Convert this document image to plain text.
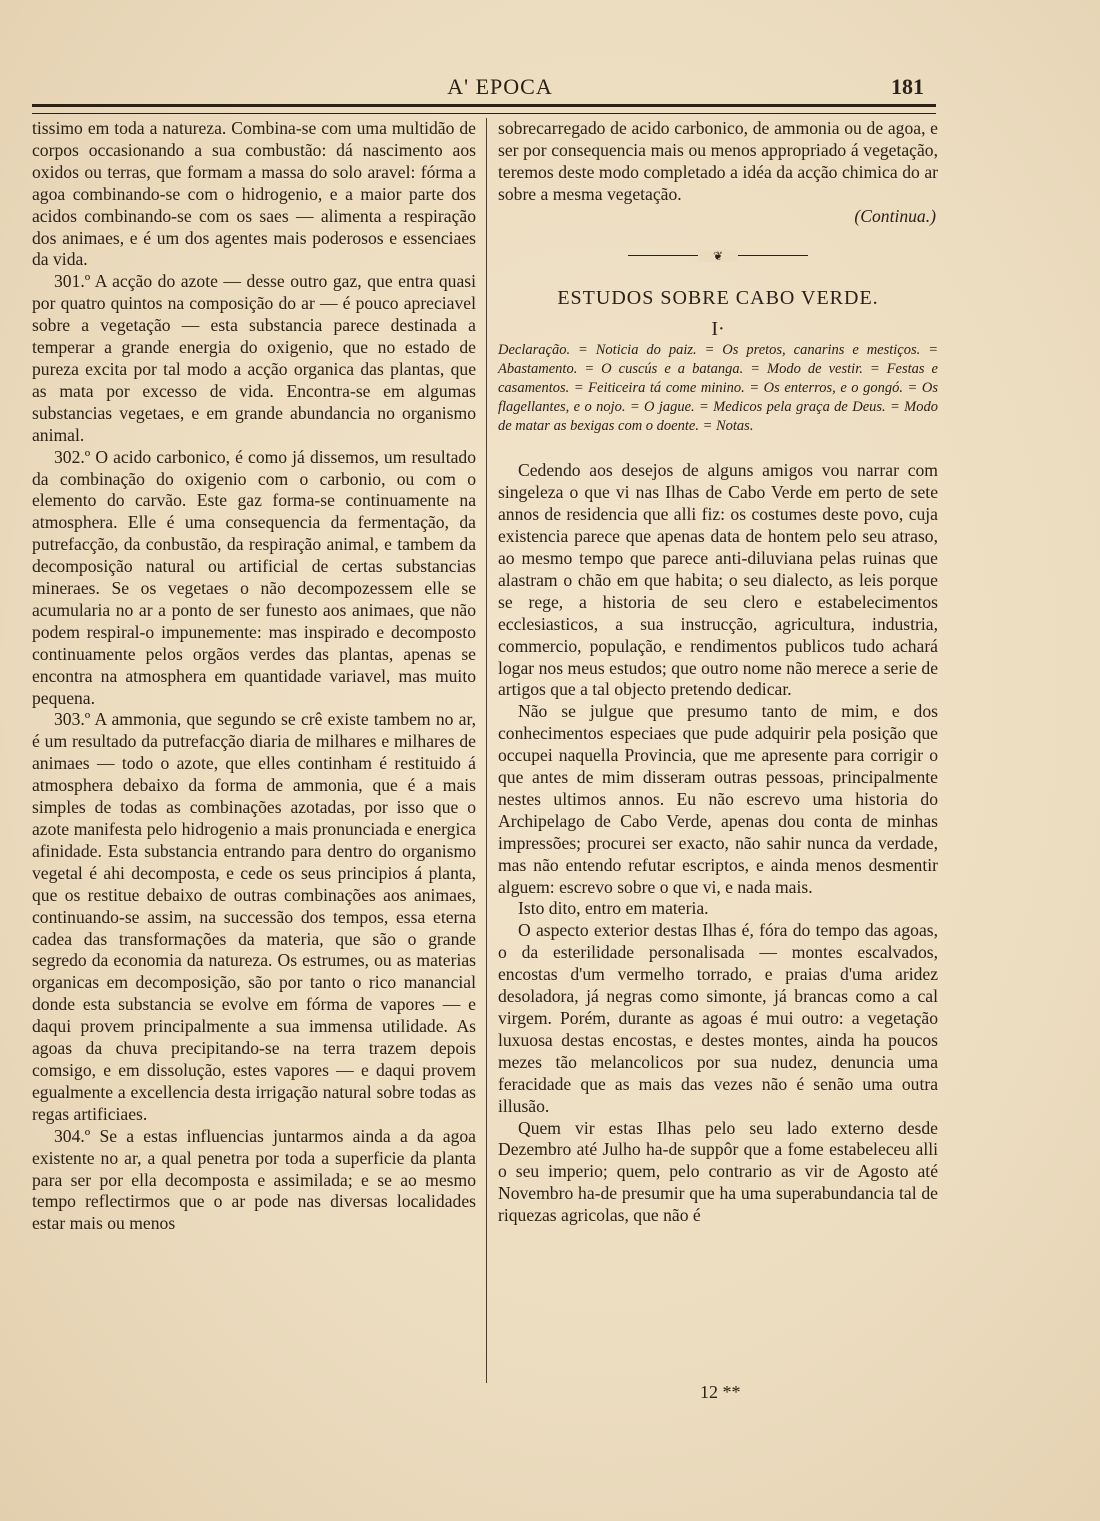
A' EPOCA	181

tissimo em toda a natureza. Combina-se com uma multidão de corpos occasionando a sua combustão: dá nascimento aos oxidos ou terras, que formam a massa do solo aravel: fórma a agoa combinando-se com o hidrogenio, e a maior parte dos acidos combinando-se com os saes — alimenta a respiração dos animaes, e é um dos agentes mais poderosos e essenciaes da vida.

301.º A acção do azote — desse outro gaz, que entra quasi por quatro quintos na composição do ar — é pouco apreciavel sobre a vegetação — esta substancia parece destinada a temperar a grande energia do oxigenio, que no estado de pureza excita por tal modo a acção organica das plantas, que as mata por excesso de vida. Encontra-se em algumas substancias vegetaes, e em grande abundancia no organismo animal.

302.º O acido carbonico, é como já dissemos, um resultado da combinação do oxigenio com o carbonio, ou com o elemento do carvão. Este gaz forma-se continuamente na atmosphera. Elle é uma consequencia da fermentação, da putrefacção, da conbustão, da respiração animal, e tambem da decomposição natural ou artificial de certas substancias mineraes. Se os vegetaes o não decompozessem elle se acumularia no ar a ponto de ser funesto aos animaes, que não podem respiral-o impunemente: mas inspirado e decomposto continuamente pelos orgãos verdes das plantas, apenas se encontra na atmosphera em quantidade variavel, mas muito pequena.

303.º A ammonia, que segundo se crê existe tambem no ar, é um resultado da putrefacção diaria de milhares e milhares de animaes — todo o azote, que elles continham é restituido á atmosphera debaixo da forma de ammonia, que é a mais simples de todas as combinações azotadas, por isso que o azote manifesta pelo hidrogenio a mais pronunciada e energica afinidade. Esta substancia entrando para dentro do organismo vegetal é ahi decomposta, e cede os seus principios á planta, que os restitue debaixo de outras combinações aos animaes, continuando-se assim, na successão dos tempos, essa eterna cadea das transformações da materia, que são o grande segredo da economia da natureza. Os estrumes, ou as materias organicas em decomposição, são por tanto o rico manancial donde esta substancia se evolve em fórma de vapores — e daqui provem principalmente a sua immensa utilidade. As agoas da chuva precipitando-se na terra trazem depois comsigo, e em dissolução, estes vapores — e daqui provem egualmente a excellencia desta irrigação natural sobre todas as regas artificiaes.

304.º Se a estas influencias juntarmos ainda a da agoa existente no ar, a qual penetra por toda a superficie da planta para ser por ella decomposta e assimilada; e se ao mesmo tempo reflectirmos que o ar pode nas diversas localidades estar mais ou menos

sobrecarregado de acido carbonico, de ammonia ou de agoa, e ser por consequencia mais ou menos appropriado á vegetação, teremos deste modo completado a idéa da acção chimica do ar sobre a mesma vegetação.

(Continua.)

❦
ESTUDOS SOBRE CABO VERDE.
I·

Declaração. = Noticia do paiz. = Os pretos, canarins e mestiços. = Abastamento. = O cuscús e a batanga. = Modo de vestir. = Festas e casamentos. = Feiticeira tá come minino. = Os enterros, e o gongó. = Os flagellantes, e o nojo. = O jague. = Medicos pela graça de Deus. = Modo de matar as bexigas com o doente. = Notas.

Cedendo aos desejos de alguns amigos vou narrar com singeleza o que vi nas Ilhas de Cabo Verde em perto de sete annos de residencia que alli fiz: os costumes deste povo, cuja existencia parece que apenas data de hontem pelo seu atraso, ao mesmo tempo que parece anti-diluviana pelas ruinas que alastram o chão em que habita; o seu dialecto, as leis porque se rege, a historia de seu clero e estabelecimentos ecclesiasticos, a sua instrucção, agricultura, industria, commercio, população, e rendimentos publicos tudo achará logar nos meus estudos; que outro nome não merece a serie de artigos que a tal objecto pretendo dedicar.

Não se julgue que presumo tanto de mim, e dos conhecimentos especiaes que pude adquirir pela posição que occupei naquella Provincia, que me apresente para corrigir o que antes de mim disseram outras pessoas, principalmente nestes ultimos annos. Eu não escrevo uma historia do Archipelago de Cabo Verde, apenas dou conta de minhas impressões; procurei ser exacto, não sahir nunca da verdade, mas não entendo refutar escriptos, e ainda menos desmentir alguem: escrevo sobre o que vi, e nada mais.

Isto dito, entro em materia.

O aspecto exterior destas Ilhas é, fóra do tempo das agoas, o da esterilidade personalisada — montes escalvados, encostas d'um vermelho torrado, e praias d'uma aridez desoladora, já negras como simonte, já brancas como a cal virgem. Porém, durante as agoas é mui outro: a vegetação luxuosa destas encostas, e destes montes, ainda ha poucos mezes tão melancolicos por sua nudez, denuncia uma feracidade que as mais das vezes não é senão uma outra illusão.

Quem vir estas Ilhas pelo seu lado externo desde Dezembro até Julho ha-de suppôr que a fome estabeleceu alli o seu imperio; quem, pelo contrario as vir de Agosto até Novembro ha-de presumir que ha uma superabundancia tal de riquezas agricolas, que não é

12 **
